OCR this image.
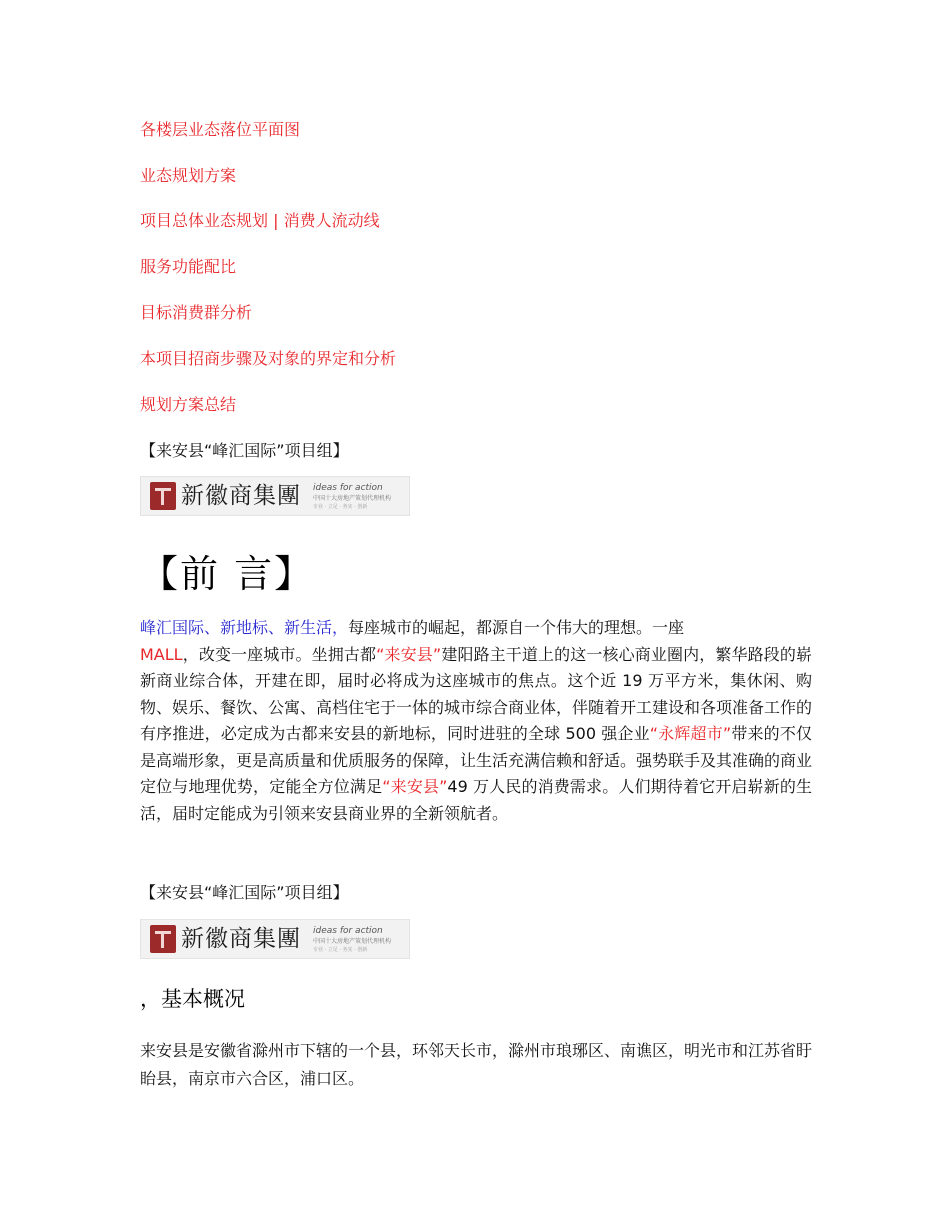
各楼层业态落位平面图

业态规划方案

项目总体业态规划 | 消费人流动线

服务功能配比

目标消费群分析

本项目招商步骤及对象的界定和分析

规划方案总结

【来安县“峰汇国际”项目组】

新徽商集團 ideas for action
中国十大房地产策划代理机构
专业 · 立足 · 务实 · 创新
【前 言】

峰汇国际、新地标、新生活，每座城市的崛起，都源自一个伟大的理想。一座
MALL，改变一座城市。坐拥古都“来安县”建阳路主干道上的这一核心商业圈内，繁华路段的崭新商业综合体，开建在即，届时必将成为这座城市的焦点。这个近 19 万平方米，集休闲、购物、娱乐、餐饮、公寓、高档住宅于一体的城市综合商业体，伴随着开工建设和各项准备工作的有序推进，必定成为古都来安县的新地标，同时进驻的全球 500 强企业“永辉超市”带来的不仅是高端形象，更是高质量和优质服务的保障，让生活充满信赖和舒适。强势联手及其准确的商业定位与地理优势，定能全方位满足“来安县”49 万人民的消费需求。人们期待着它开启崭新的生活，届时定能成为引领来安县商业界的全新领航者。

【来安县“峰汇国际”项目组】

新徽商集團 ideas for action
中国十大房地产策划代理机构
专业 · 立足 · 务实 · 创新
，基本概况

来安县是安徽省滁州市下辖的一个县，环邻天长市，滁州市琅琊区、南谯区，明光市和江苏省盱眙县，南京市六合区，浦口区。
